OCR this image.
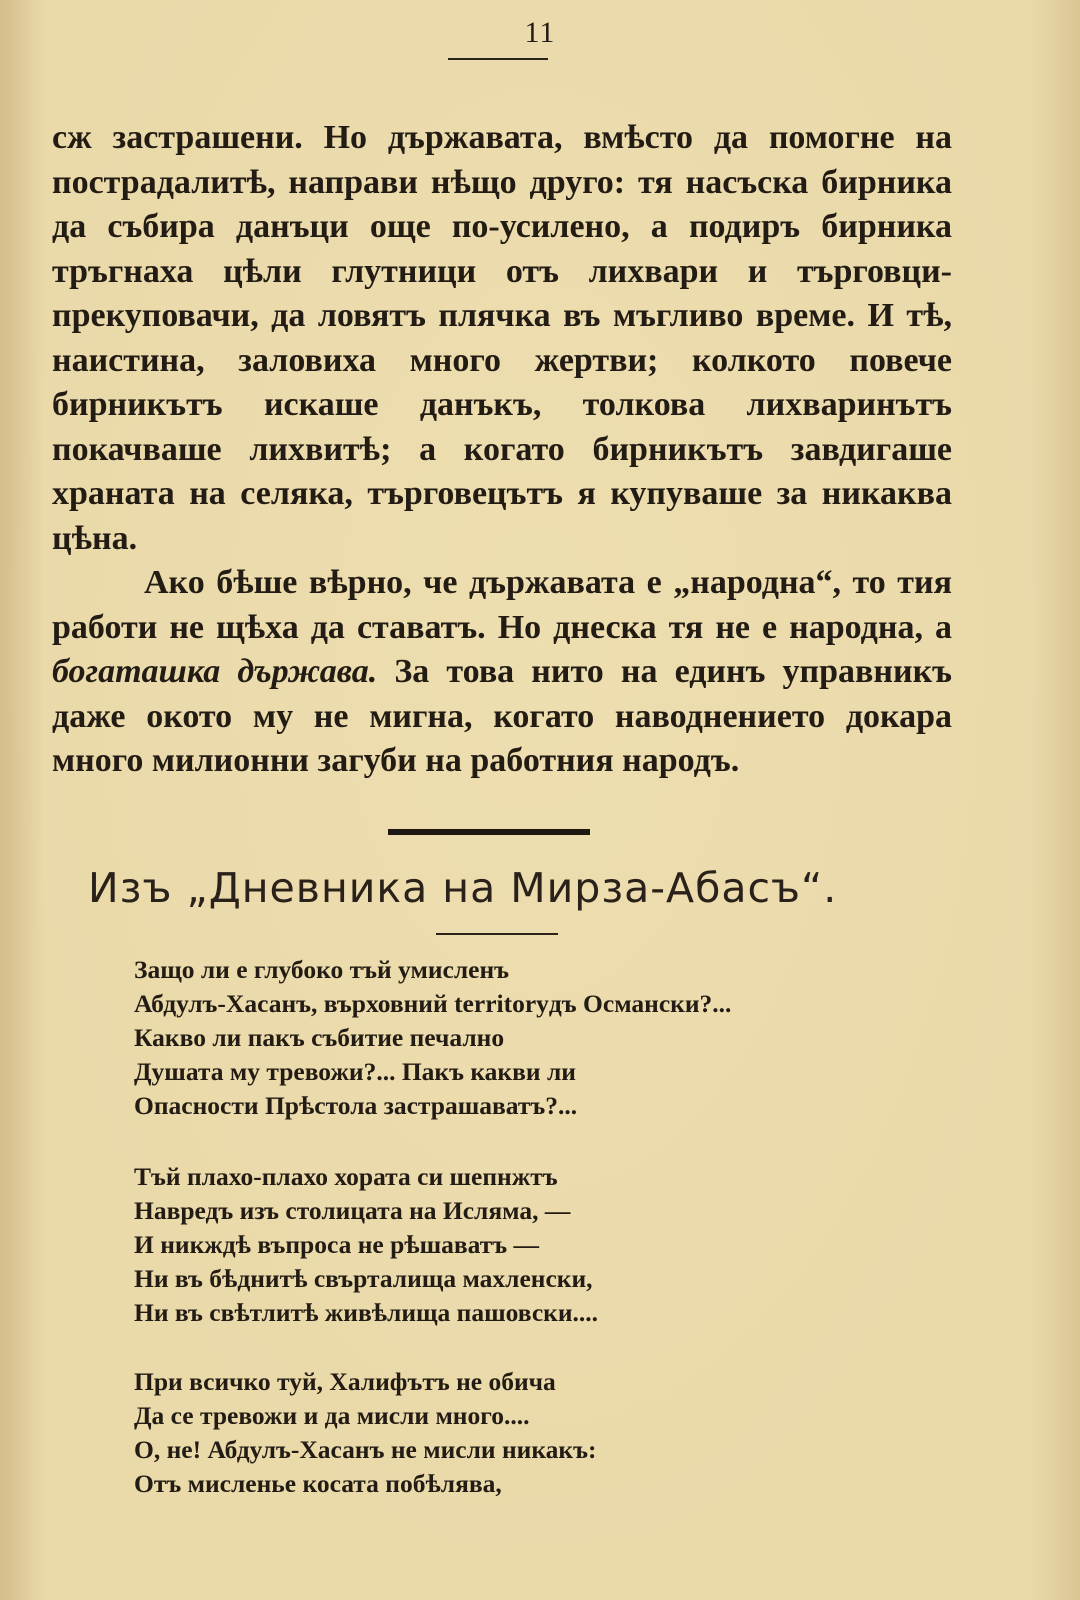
11

сж застрашени. Но държавата, вмѣсто да помогне на пострадалитѣ, направи нѣщо друго: тя насъска бирника да събира данъци още по-усилено, а подиръ бирника тръгнаха цѣли глутници отъ лихвари и търговци-прекуповачи, да ловятъ плячка въ мъгливо време. И тѣ, наистина, заловиха много жертви; колкото повече бирникътъ искаше данъкъ, толкова лихваринътъ покачваше лихвитѣ; а когато бирникътъ завдигаше храната на селяка, търговецътъ я купуваше за никаква цѣна.

Ако бѣше вѣрно, че държавата е „народна“, то тия работи не щѣха да ставатъ. Но днеска тя не е народна, а богаташка държава. За това нито на единъ управникъ даже окото му не мигна, когато наводнението докара много милионни загуби на работния народъ.

Изъ „Дневника на Мирза-Абасъ“.
Защо ли е глубоко тъй умисленъ
Абдулъ-Хасанъ, върховний territoryдъ Османски?...
Какво ли пакъ събитие печално
Душата му тревожи?... Пакъ какви ли
Опасности Прѣстола застрашаватъ?...
Тъй плахо-плахо хората си шепнжтъ
Навредъ изъ столицата на Исляма, —
И никждѣ въпроса не рѣшаватъ —
Ни въ бѣднитѣ свърталища махленски,
Ни въ свѣтлитѣ живѣлища пашовски....
При всичко туй, Халифътъ не обича
Да се тревожи и да мисли много....
О, не! Абдулъ-Хасанъ не мисли никакъ:
Отъ мисленье косата побѣлява,
